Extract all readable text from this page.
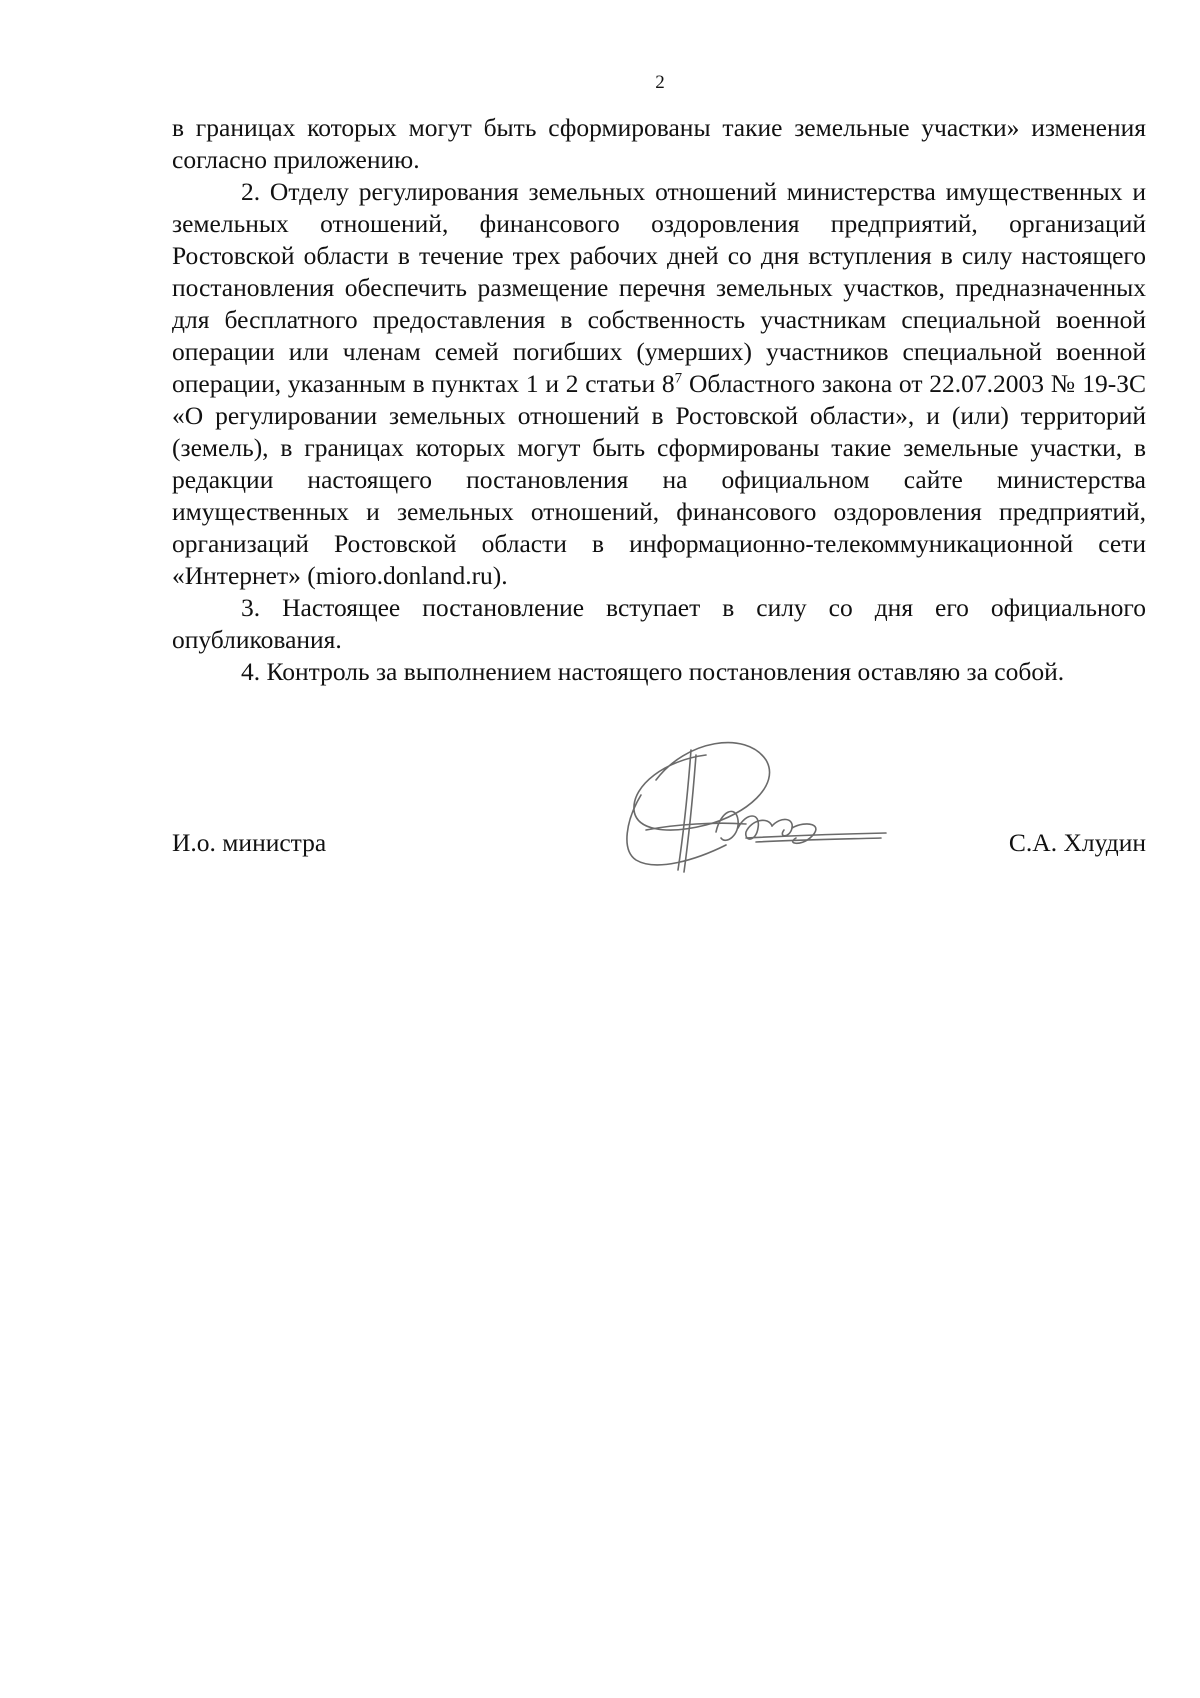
2

в границах которых могут быть сформированы такие земельные участки» изменения согласно приложению.

2. Отделу регулирования земельных отношений министерства имущественных и земельных отношений, финансового оздоровления предприятий, организаций Ростовской области в течение трех рабочих дней со дня вступления в силу настоящего постановления обеспечить размещение перечня земельных участков, предназначенных для бесплатного предоставления в собственность участникам специальной военной операции или членам семей погибших (умерших) участников специальной военной операции, указанным в пунктах 1 и 2 статьи $8^7$ Областного закона от 22.07.2003 № 19-ЗС «О регулировании земельных отношений в Ростовской области», и (или) территорий (земель), в границах которых могут быть сформированы такие земельные участки, в редакции настоящего постановления на официальном сайте министерства имущественных и земельных отношений, финансового оздоровления предприятий, организаций Ростовской области в информационно-телекоммуникационной сети «Интернет» (mioro.donland.ru).

3. Настоящее постановление вступает в силу со дня его официального опубликования.

4. Контроль за выполнением настоящего постановления оставляю за собой.

И.о. министра	С.А. Хлудин
